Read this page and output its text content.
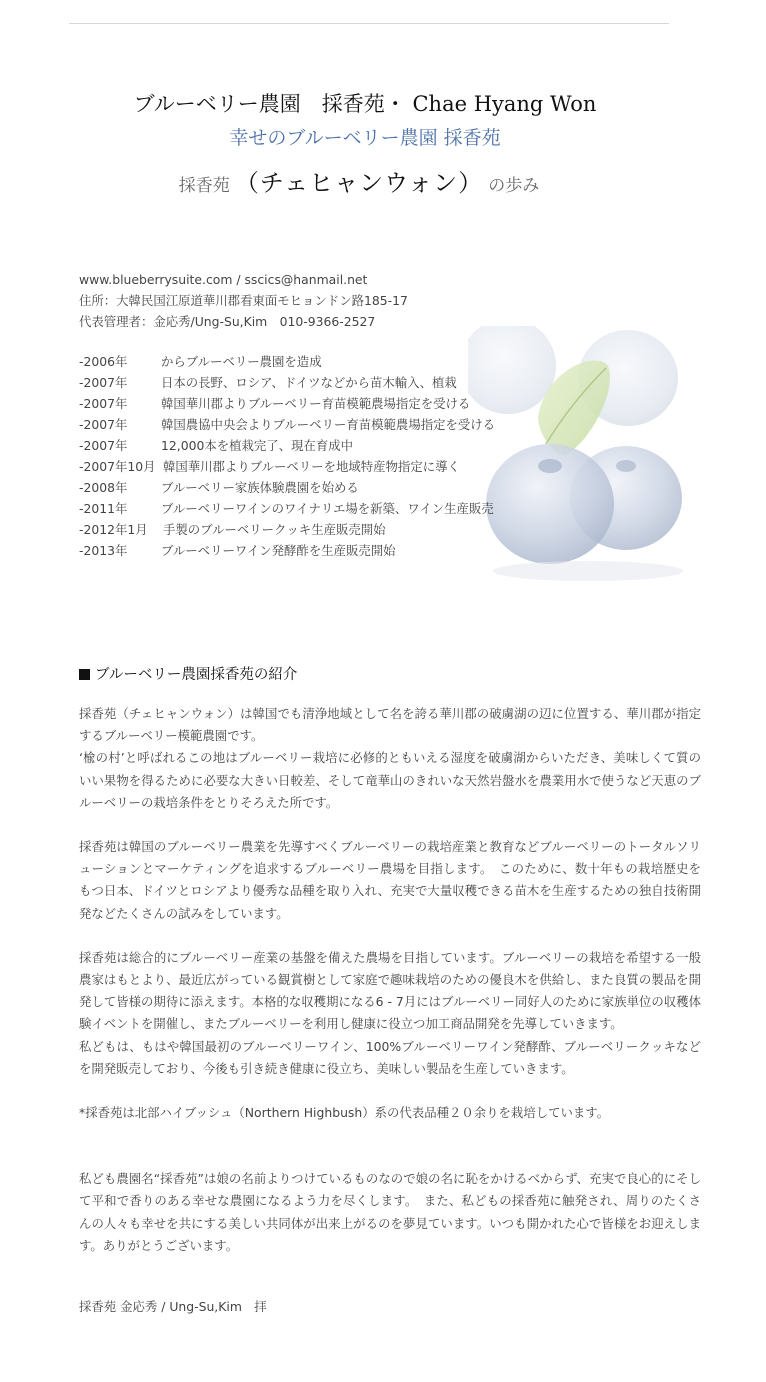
ブルーベリー農園　採香苑・ Chae Hyang Won
幸せのブルーベリー農園 採香苑
採香苑 （チェヒャンウォン） の歩み
www.blueberrysuite.com / sscics@hanmail.net
住所：大韓民国江原道華川郡看東面モヒョンドン路185-17
代表管理者：金応秀/Ung-Su,Kim　010-9366-2527
-2006年	からブルーベリー農園を造成
-2007年	日本の長野、ロシア、ドイツなどから苗木輸入、植栽
-2007年	韓国華川郡よりブルーベリー育苗模範農場指定を受ける
-2007年	韓国農協中央会よりブルーベリー育苗模範農場指定を受ける
-2007年	12,000本を植栽完了、現在育成中
-2007年10月 韓国華川郡よりブルーベリーを地域特産物指定に導く
-2008年	ブルーベリー家族体験農園を始める
-2011年	ブルーベリーワインのワイナリエ場を新築、ワイン生産販売
-2012年1月	手製のブルーベリークッキ生産販売開始
-2013年	ブルーベリーワイン発酵酢を生産販売開始
ブルーベリー農園採香苑の紹介

採香苑（チェヒャンウォン）は韓国でも清浄地域として名を誇る華川郡の破虜湖の辺に位置する、華川郡が指定するブルーベリー模範農園です。

‘楡の村’と呼ばれるこの地はブルーベリー栽培に必修的ともいえる湿度を破虜湖からいただき、美味しくて質のいい果物を得るために必要な大きい日較差、そして竜華山のきれいな天然岩盤水を農業用水で使うなど天恵のブルーベリーの栽培条件をとりそろえた所です。

採香苑は韓国のブルーベリー農業を先導すべくブルーベリーの栽培産業と教育などブルーベリーのトータルソリューションとマーケティングを追求するブルーベリー農場を目指します。　このために、数十年もの栽培歴史をもつ日本、ドイツとロシアより優秀な品種を取り入れ、充実で大量収穫できる苗木を生産するための独自技術開発などたくさんの試みをしています。

採香苑は総合的にブルーベリー産業の基盤を備えた農場を目指しています。ブルーベリーの栽培を希望する一般農家はもとより、最近広がっている観賞樹として家庭で趣味栽培のための優良木を供給し、また良質の製品を開発して皆様の期待に添えます。本格的な収穫期になる6 - 7月にはブルーベリー同好人のために家族単位の収穫体験イベントを開催し、またブルーベリーを利用し健康に役立つ加工商品開発を先導していきます。

私どもは、もはや韓国最初のブルーベリーワイン、100%ブルーベリーワイン発酵酢、ブルーベリークッキなどを開発販売しており、今後も引き続き健康に役立ち、美味しい製品を生産していきます。

*採香苑は北部ハイブッシュ（Northern Highbush）系の代表品種２０余りを栽培しています。

私ども農園名“採香苑”は娘の名前よりつけているものなので娘の名に恥をかけるべからず、充実で良心的にそして平和で香りのある幸せな農園になるよう力を尽くします。　また、私どもの採香苑に触発され、周りのたくさんの人々も幸せを共にする美しい共同体が出来上がるのを夢見ています。いつも開かれた心で皆様をお迎えします。ありがとうございます。

採香苑 金応秀 / Ung-Su,Kim　拝
